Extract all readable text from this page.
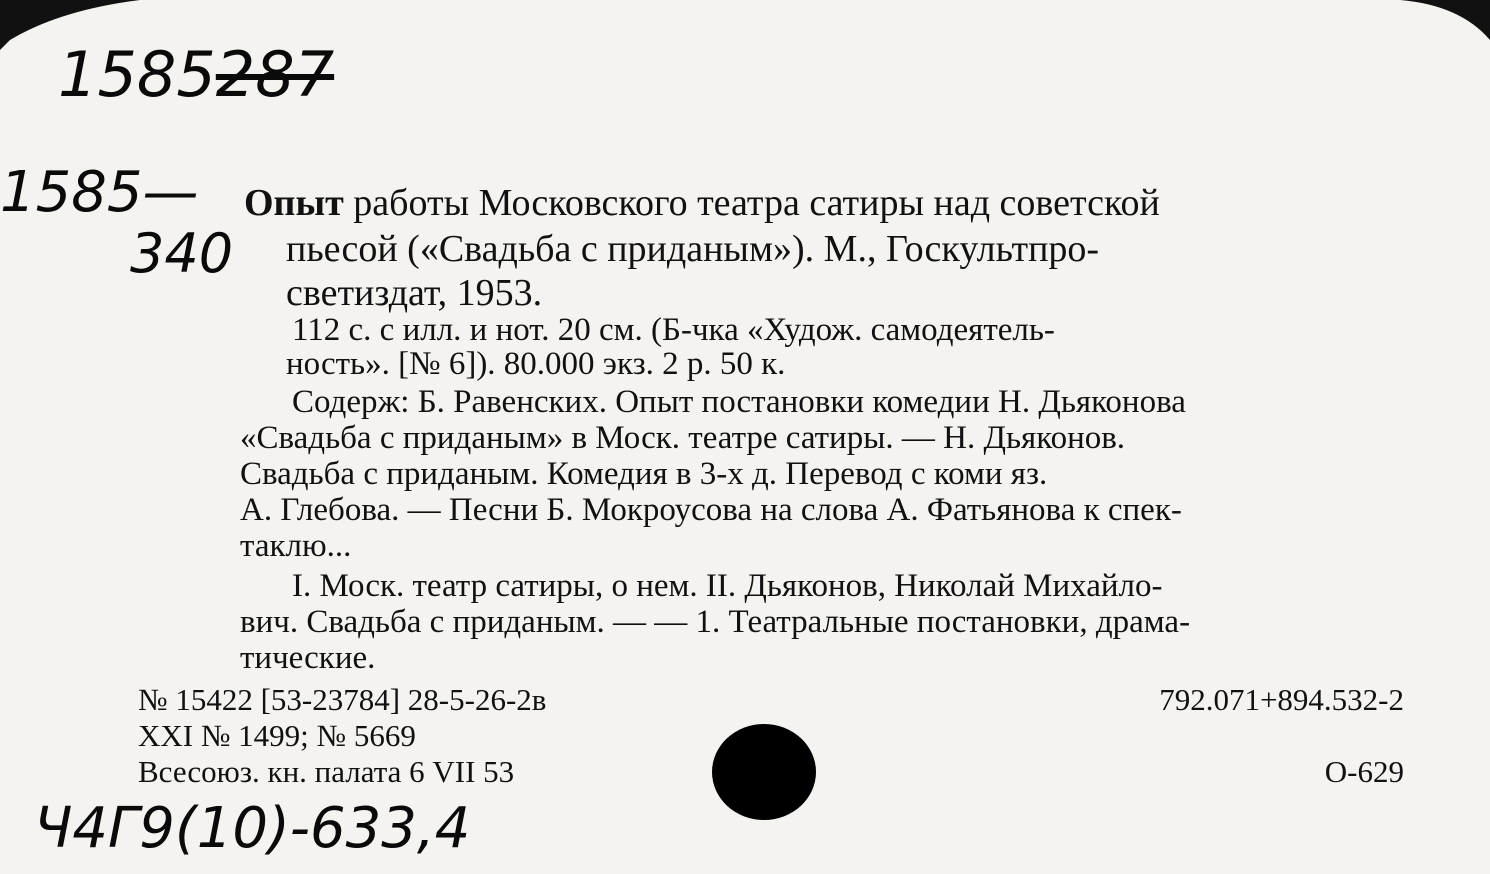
1585287
1585—
340
Опыт работы Московского театра сатиры над советской
пьесой («Свадьба с приданым»). М., Госкультпро-
светиздат, 1953.
112 с. с илл. и нот. 20 см. (Б-чка «Худож. самодеятель-
ность». [№ 6]). 80.000 экз. 2 р. 50 к.
Содерж: Б. Равенских. Опыт постановки комедии Н. Дьяконова
«Свадьба с приданым» в Моск. театре сатиры. — Н. Дьяконов.
Свадьба с приданым. Комедия в 3-х д. Перевод с коми яз.
А. Глебова. — Песни Б. Мокроусова на слова А. Фатьянова к спек-
таклю...
I. Моск. театр сатиры, о нем. II. Дьяконов, Николай Михайло-
вич. Свадьба с приданым. — — 1. Театральные постановки, драма-
тические.
№ 15422 [53-23784] 28-5-26-2в
XXI № 1499; № 5669
Всесоюз. кн. палата 6 VII 53
792.071+894.532-2
О-629
Ч4Г9(10)-633,4
